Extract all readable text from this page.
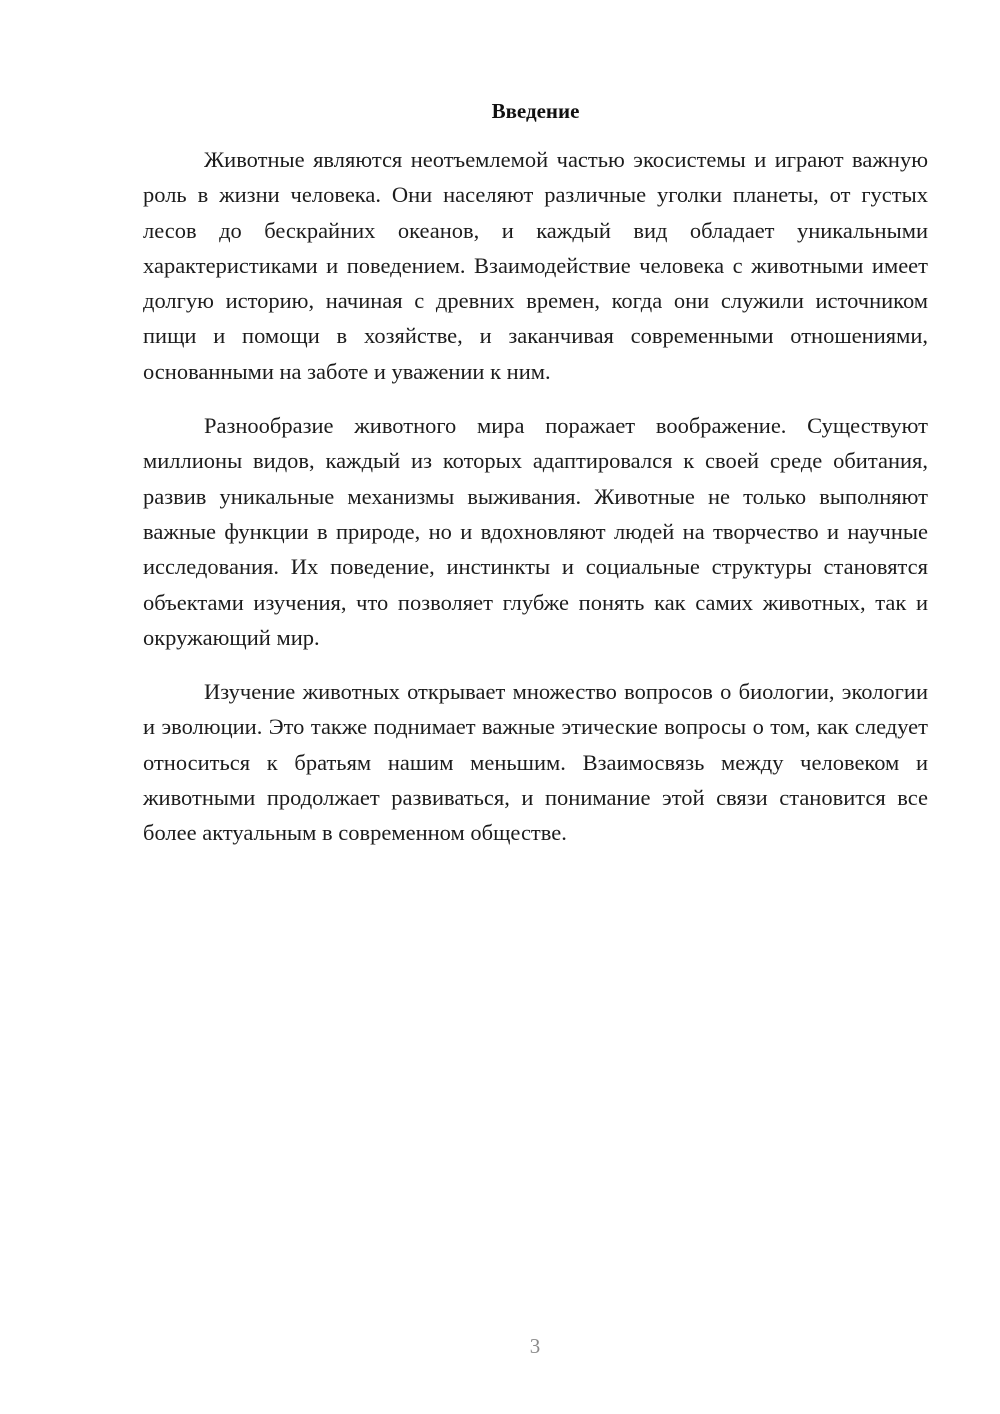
Введение

Животные являются неотъемлемой частью экосистемы и играют важную роль в жизни человека. Они населяют различные уголки планеты, от густых лесов до бескрайних океанов, и каждый вид обладает уникальными характеристиками и поведением. Взаимодействие человека с животными имеет долгую историю, начиная с древних времен, когда они служили источником пищи и помощи в хозяйстве, и заканчивая современными отношениями, основанными на заботе и уважении к ним.

Разнообразие животного мира поражает воображение. Существуют миллионы видов, каждый из которых адаптировался к своей среде обитания, развив уникальные механизмы выживания. Животные не только выполняют важные функции в природе, но и вдохновляют людей на творчество и научные исследования. Их поведение, инстинкты и социальные структуры становятся объектами изучения, что позволяет глубже понять как самих животных, так и окружающий мир.

Изучение животных открывает множество вопросов о биологии, экологии и эволюции. Это также поднимает важные этические вопросы о том, как следует относиться к братьям нашим меньшим. Взаимосвязь между человеком и животными продолжает развиваться, и понимание этой связи становится все более актуальным в современном обществе.

3
